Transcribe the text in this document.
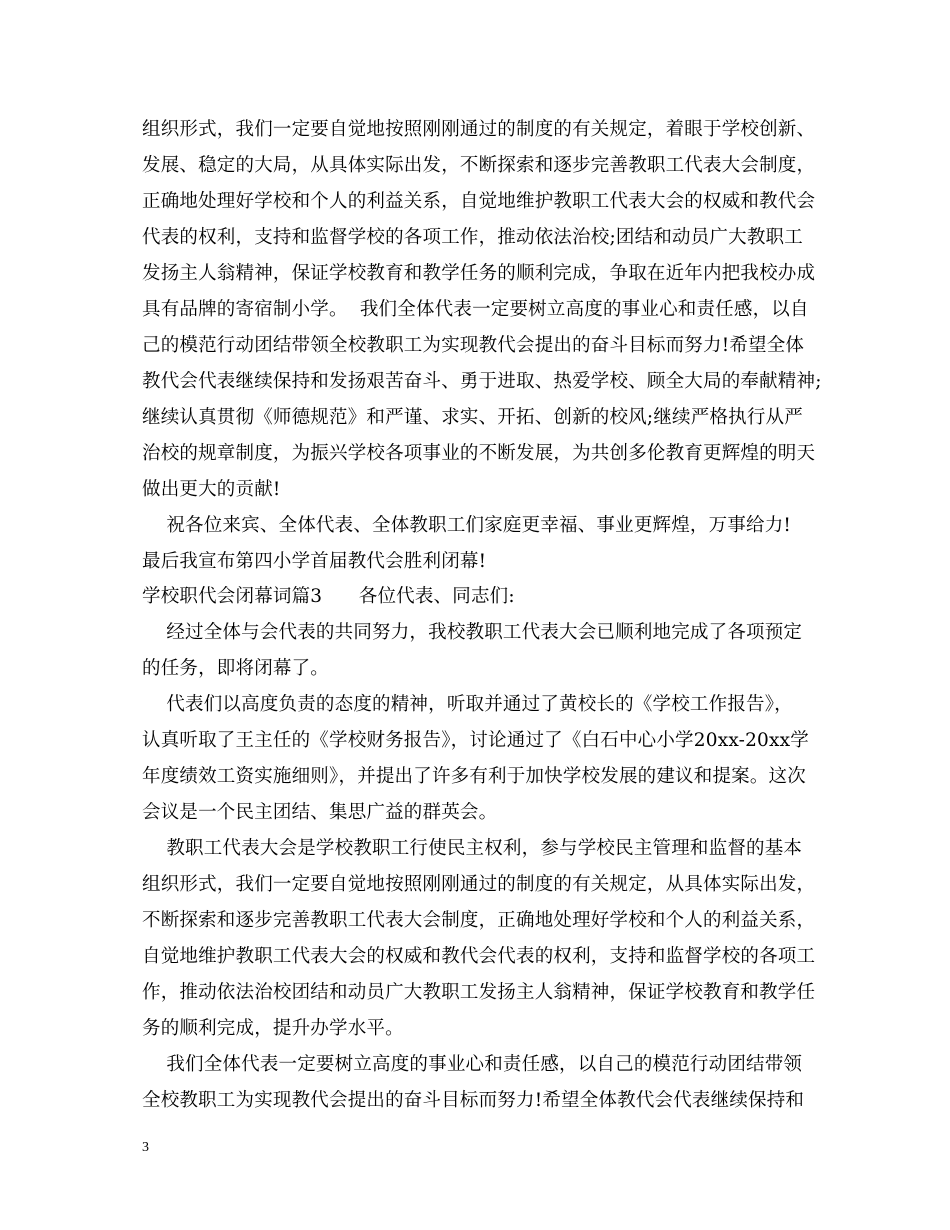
组织形式，我们一定要自觉地按照刚刚通过的制度的有关规定，着眼于学校创新、
发展、稳定的大局，从具体实际出发，不断探索和逐步完善教职工代表大会制度，
正确地处理好学校和个人的利益关系，自觉地维护教职工代表大会的权威和教代会
代表的权利，支持和监督学校的各项工作，推动依法治校;团结和动员广大教职工
发扬主人翁精神，保证学校教育和教学任务的顺利完成，争取在近年内把我校办成
具有品牌的寄宿制小学。  我们全体代表一定要树立高度的事业心和责任感，以自
己的模范行动团结带领全校教职工为实现教代会提出的奋斗目标而努力!希望全体
教代会代表继续保持和发扬艰苦奋斗、勇于进取、热爱学校、顾全大局的奉献精神;
继续认真贯彻《师德规范》和严谨、求实、开拓、创新的校风;继续严格执行从严
治校的规章制度，为振兴学校各项事业的不断发展，为共创多伦教育更辉煌的明天
做出更大的贡献!
祝各位来宾、全体代表、全体教职工们家庭更幸福、事业更辉煌，万事给力!
最后我宣布第四小学首届教代会胜利闭幕!
学校职代会闭幕词篇3      各位代表、同志们:
经过全体与会代表的共同努力，我校教职工代表大会已顺利地完成了各项预定
的任务，即将闭幕了。
代表们以高度负责的态度的精神，听取并通过了黄校长的《学校工作报告》，
认真听取了王主任的《学校财务报告》，讨论通过了《白石中心小学20xx-20xx学
年度绩效工资实施细则》，并提出了许多有利于加快学校发展的建议和提案。这次
会议是一个民主团结、集思广益的群英会。
教职工代表大会是学校教职工行使民主权利，参与学校民主管理和监督的基本
组织形式，我们一定要自觉地按照刚刚通过的制度的有关规定，从具体实际出发，
不断探索和逐步完善教职工代表大会制度，正确地处理好学校和个人的利益关系，
自觉地维护教职工代表大会的权威和教代会代表的权利，支持和监督学校的各项工
作，推动依法治校团结和动员广大教职工发扬主人翁精神，保证学校教育和教学任
务的顺利完成，提升办学水平。
我们全体代表一定要树立高度的事业心和责任感，以自己的模范行动团结带领
全校教职工为实现教代会提出的奋斗目标而努力!希望全体教代会代表继续保持和
3
